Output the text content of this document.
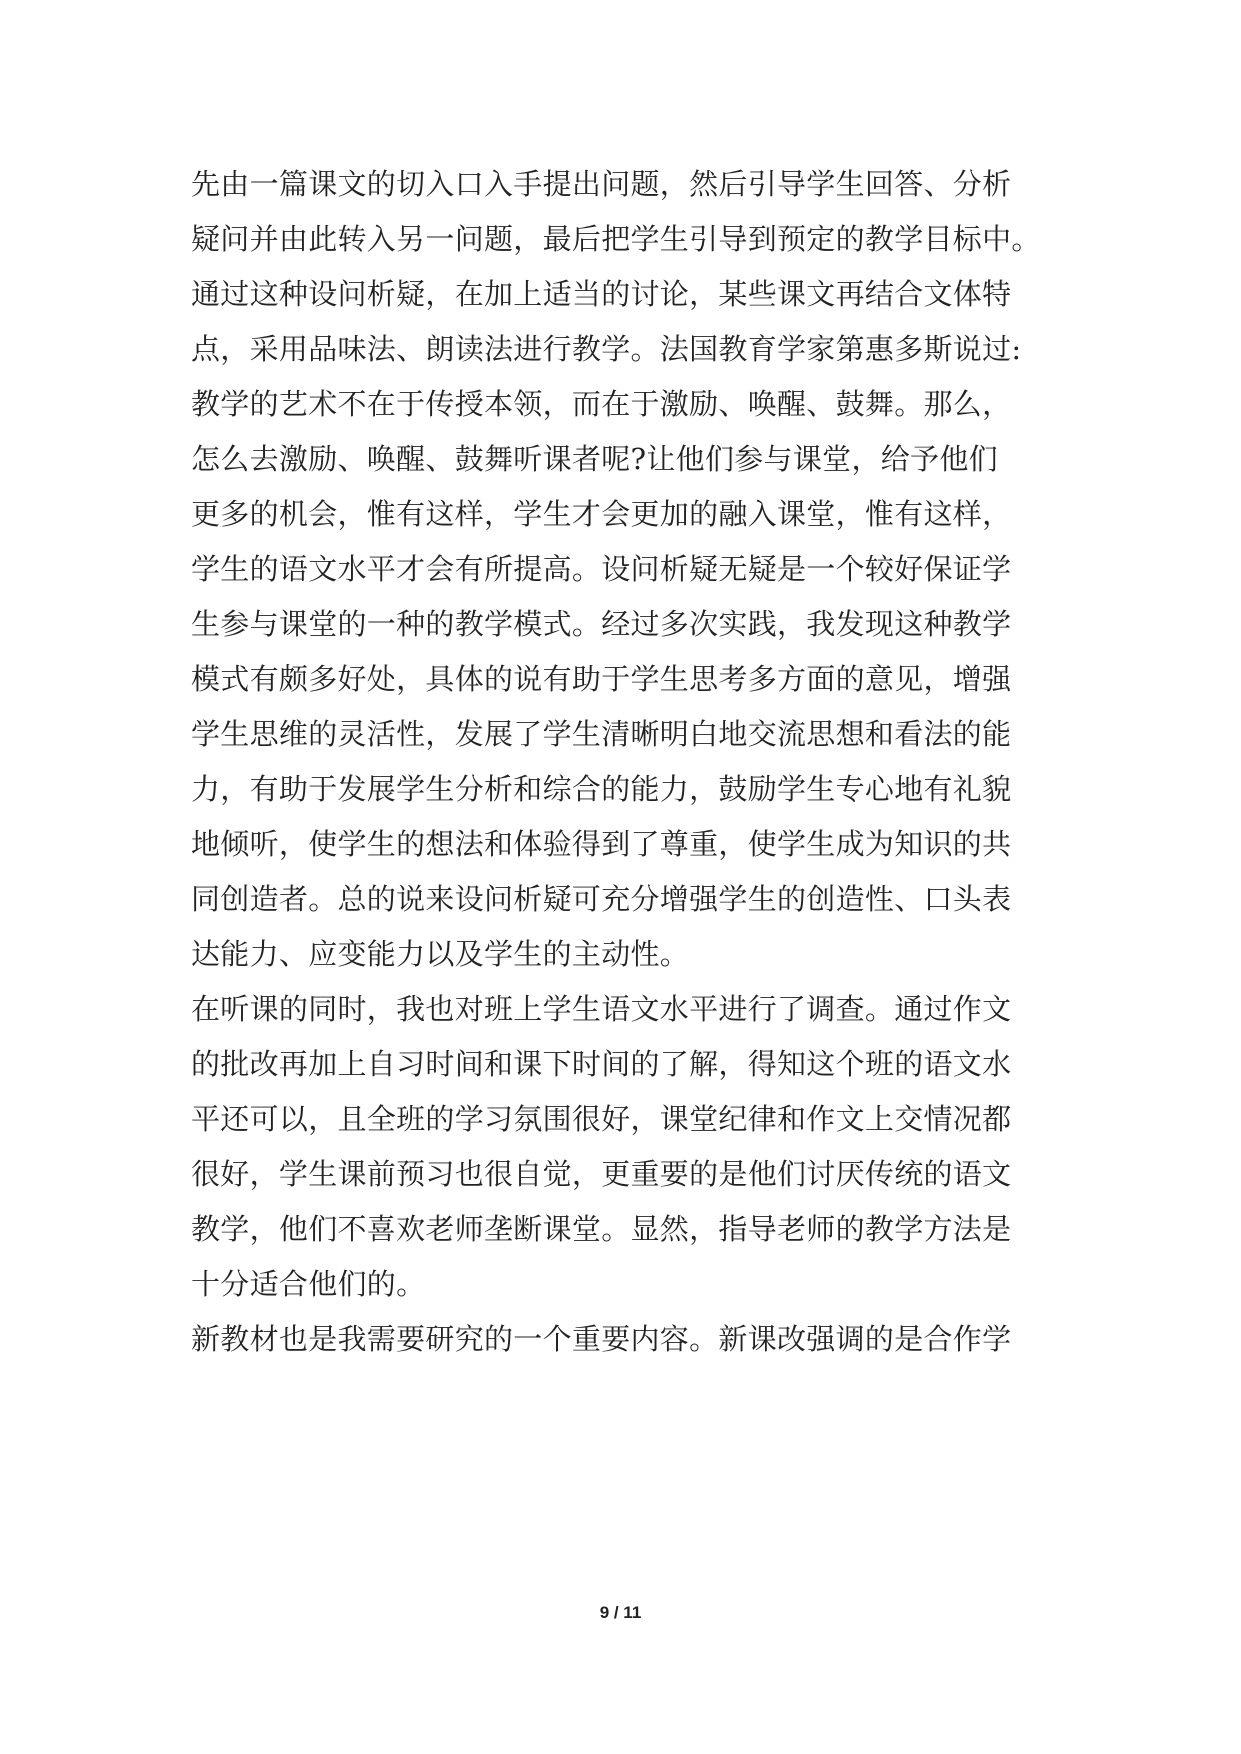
先由一篇课文的切入口入手提出问题，然后引导学生回答、分析
疑问并由此转入另一问题，最后把学生引导到预定的教学目标中。
通过这种设问析疑，在加上适当的讨论，某些课文再结合文体特
点，采用品味法、朗读法进行教学。法国教育学家第惠多斯说过:
教学的艺术不在于传授本领，而在于激励、唤醒、鼓舞。那么，
怎么去激励、唤醒、鼓舞听课者呢?让他们参与课堂，给予他们
更多的机会，惟有这样，学生才会更加的融入课堂，惟有这样，
学生的语文水平才会有所提高。设问析疑无疑是一个较好保证学
生参与课堂的一种的教学模式。经过多次实践，我发现这种教学
模式有颇多好处，具体的说有助于学生思考多方面的意见，增强
学生思维的灵活性，发展了学生清晰明白地交流思想和看法的能
力，有助于发展学生分析和综合的能力，鼓励学生专心地有礼貌
地倾听，使学生的想法和体验得到了尊重，使学生成为知识的共
同创造者。总的说来设问析疑可充分增强学生的创造性、口头表
达能力、应变能力以及学生的主动性。
在听课的同时，我也对班上学生语文水平进行了调查。通过作文
的批改再加上自习时间和课下时间的了解，得知这个班的语文水
平还可以，且全班的学习氛围很好，课堂纪律和作文上交情况都
很好，学生课前预习也很自觉，更重要的是他们讨厌传统的语文
教学，他们不喜欢老师垄断课堂。显然，指导老师的教学方法是
十分适合他们的。
新教材也是我需要研究的一个重要内容。新课改强调的是合作学
9 / 11
